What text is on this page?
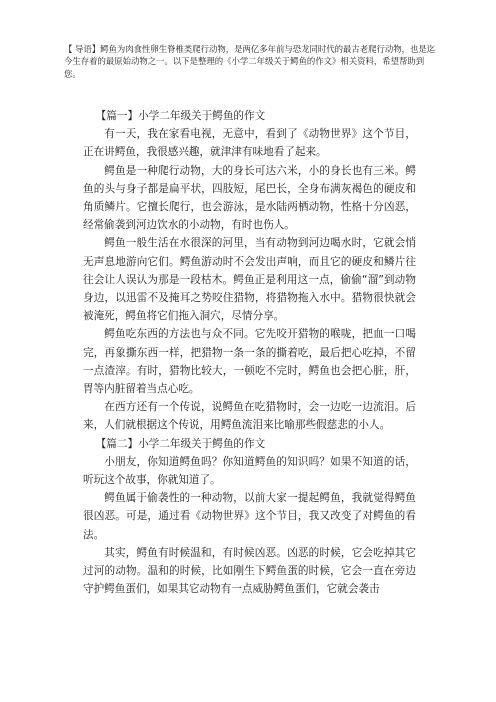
【 导语】鳄鱼为肉食性卵生脊椎类爬行动物，是两亿多年前与恐龙同时代的最古老爬行动物，也是迄今生存着的最原始动物之一。以下是整理的《小学二年级关于鳄鱼的作文》相关资料，希望帮助到您。

【篇一】小学二年级关于鳄鱼的作文

有一天，我在家看电视，无意中，看到了《动物世界》这个节目，正在讲鳄鱼，我很感兴趣，就津津有味地看了起来。

鳄鱼是一种爬行动物，大的身长可达六米，小的身长也有三米。鳄鱼的头与身子都是扁平状，四肢短，尾巴长，全身布满灰褐色的硬皮和角质鳞片。它擅长爬行，也会游泳，是水陆两栖动物，性格十分凶恶，经常偷袭到河边饮水的小动物，有时也伤人。

鳄鱼一般生活在水很深的河里，当有动物到河边喝水时，它就会悄无声息地游向它们。鳄鱼游动时不会发出声响，而且它的硬皮和鳞片往往会让人误认为那是一段枯木。鳄鱼正是利用这一点，偷偷“溜”到动物身边，以迅雷不及掩耳之势咬住猎物，将猎物拖入水中。猎物很快就会被淹死，鳄鱼将它们拖入洞穴，尽情分享。

鳄鱼吃东西的方法也与众不同。它先咬开猎物的喉咙，把血一口喝完，再象撕东西一样，把猎物一条一条的撕着吃，最后把心吃掉，不留一点渣滓。有时，猎物比较大，一顿吃不完时，鳄鱼也会把心脏，肝，胃等内脏留着当点心吃。

在西方还有一个传说，说鳄鱼在吃猎物时，会一边吃一边流泪。后来，人们就根据这个传说，用鳄鱼流泪来比喻那些假慈悲的小人。

【篇二】小学二年级关于鳄鱼的作文

小朋友，你知道鳄鱼吗？你知道鳄鱼的知识吗？如果不知道的话，听玩这个故事，你就知道了。

鳄鱼属于偷袭性的一种动物，以前大家一提起鳄鱼，我就觉得鳄鱼很凶恶。可是，通过看《动物世界》这个节目，我又改变了对鳄鱼的看法。

其实，鳄鱼有时候温和，有时候凶恶。凶恶的时候，它会吃掉其它过河的动物。温和的时候，比如刚生下鳄鱼蛋的时候，它会一直在旁边守护鳄鱼蛋们，如果其它动物有一点威胁鳄鱼蛋们，它就会袭击
